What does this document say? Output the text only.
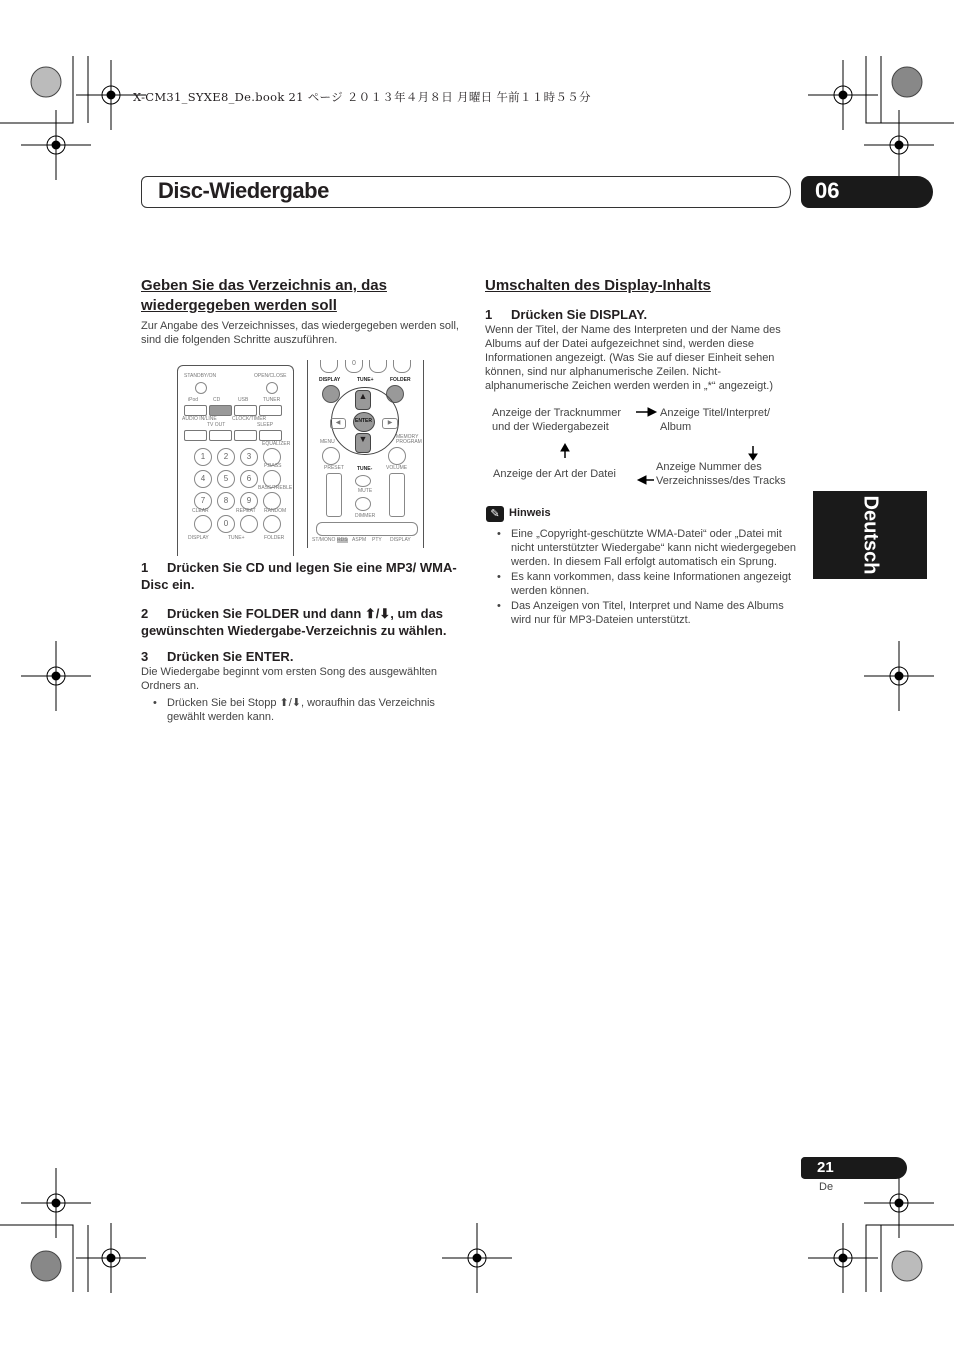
X-CM31_SYXE8_De.book 21 ページ ２０１３年４月８日 月曜日 午前１１時５５分
Disc-Wiedergabe	06
Deutsch
Geben Sie das Verzeichnis an, das wiedergegeben werden soll
Zur Angabe des Verzeichnisses, das wiedergegeben werden soll, sind die folgenden Schritte auszuführen.
STANDBY/ON	OPEN/CLOSE
iPod	CD	USB	TUNER
AUDIO IN/LINE
TV OUT
CLOCK/TIMER
SLEEP
1	2	3
4	5	6
7	8	9
0
EQUALIZER
P.BASS
BASS/TREBLE
RANDOM
CLEAR	REPEAT
DISPLAY	TUNE+	FOLDER
0
DISPLAY	TUNE+	FOLDER
▲
▼
ENTER
◀	▶
MENU
MEMORY PROGRAM
PRESET	TUNE-	VOLUME
MUTE
DIMMER
ST/MONO RDS ASPM PTY DISPLAY
1 Drücken Sie CD und legen Sie eine MP3/ WMA-Disc ein.
2 Drücken Sie FOLDER und dann ⬆/⬇, um das gewünschten Wiedergabe-Verzeichnis zu wählen.
3 Drücken Sie ENTER.
Die Wiedergabe beginnt vom ersten Song des ausgewählten Ordners an.
• Drücken Sie bei Stopp ⬆/⬇, woraufhin das Verzeichnis gewählt werden kann.
Umschalten des Display-Inhalts
1 Drücken Sie DISPLAY.
Wenn der Titel, der Name des Interpreten und der Name des Albums auf der Datei aufgezeichnet sind, werden diese Informationen angezeigt. (Was Sie auf dieser Einheit sehen können, sind nur alphanumerische Zeilen. Nicht-alphanumerische Zeichen werden werden in „*“ angezeigt.)
Anzeige der Tracknummer und der Wiedergabezeit
Anzeige Titel/Interpret/ Album
Anzeige Nummer des Verzeichnisses/des Tracks
Anzeige der Art der Datei
✎ Hinweis
• Eine „Copyright-geschützte WMA-Datei“ oder „Datei mit nicht unterstützter Wiedergabe“ kann nicht wiedergegeben werden. In diesem Fall erfolgt automatisch ein Sprung.
• Es kann vorkommen, dass keine Informationen angezeigt werden können.
• Das Anzeigen von Titel, Interpret und Name des Albums wird nur für MP3-Dateien unterstützt.
21
De
